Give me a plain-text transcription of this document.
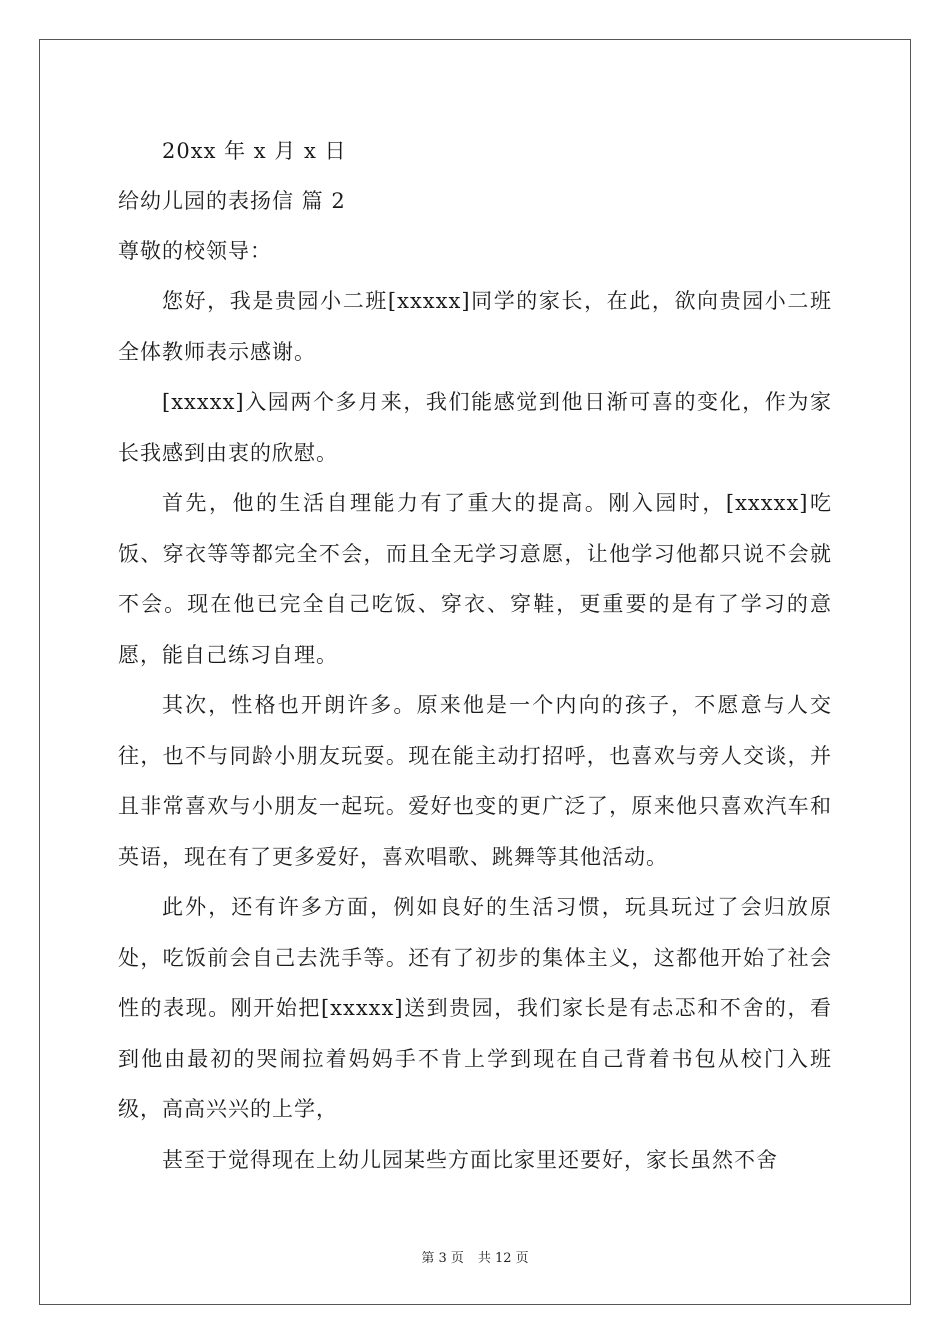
20xx 年 x 月 x 日
给幼儿园的表扬信 篇 2
尊敬的校领导：

您好，我是贵园小二班[xxxxx]同学的家长，在此，欲向贵园小二班全体教师表示感谢。

[xxxxx]入园两个多月来，我们能感觉到他日渐可喜的变化，作为家长我感到由衷的欣慰。

首先，他的生活自理能力有了重大的提高。刚入园时，[xxxxx]吃饭、穿衣等等都完全不会，而且全无学习意愿，让他学习他都只说不会就不会。现在他已完全自己吃饭、穿衣、穿鞋，更重要的是有了学习的意愿，能自己练习自理。

其次，性格也开朗许多。原来他是一个内向的孩子，不愿意与人交往，也不与同龄小朋友玩耍。现在能主动打招呼，也喜欢与旁人交谈，并且非常喜欢与小朋友一起玩。爱好也变的更广泛了，原来他只喜欢汽车和英语，现在有了更多爱好，喜欢唱歌、跳舞等其他活动。

此外，还有许多方面，例如良好的生活习惯，玩具玩过了会归放原处，吃饭前会自己去洗手等。还有了初步的集体主义，这都他开始了社会性的表现。刚开始把[xxxxx]送到贵园，我们家长是有忐忑和不舍的，看到他由最初的哭闹拉着妈妈手不肯上学到现在自己背着书包从校门入班级，高高兴兴的上学，

甚至于觉得现在上幼儿园某些方面比家里还要好，家长虽然不舍

第 3 页 共 12 页
